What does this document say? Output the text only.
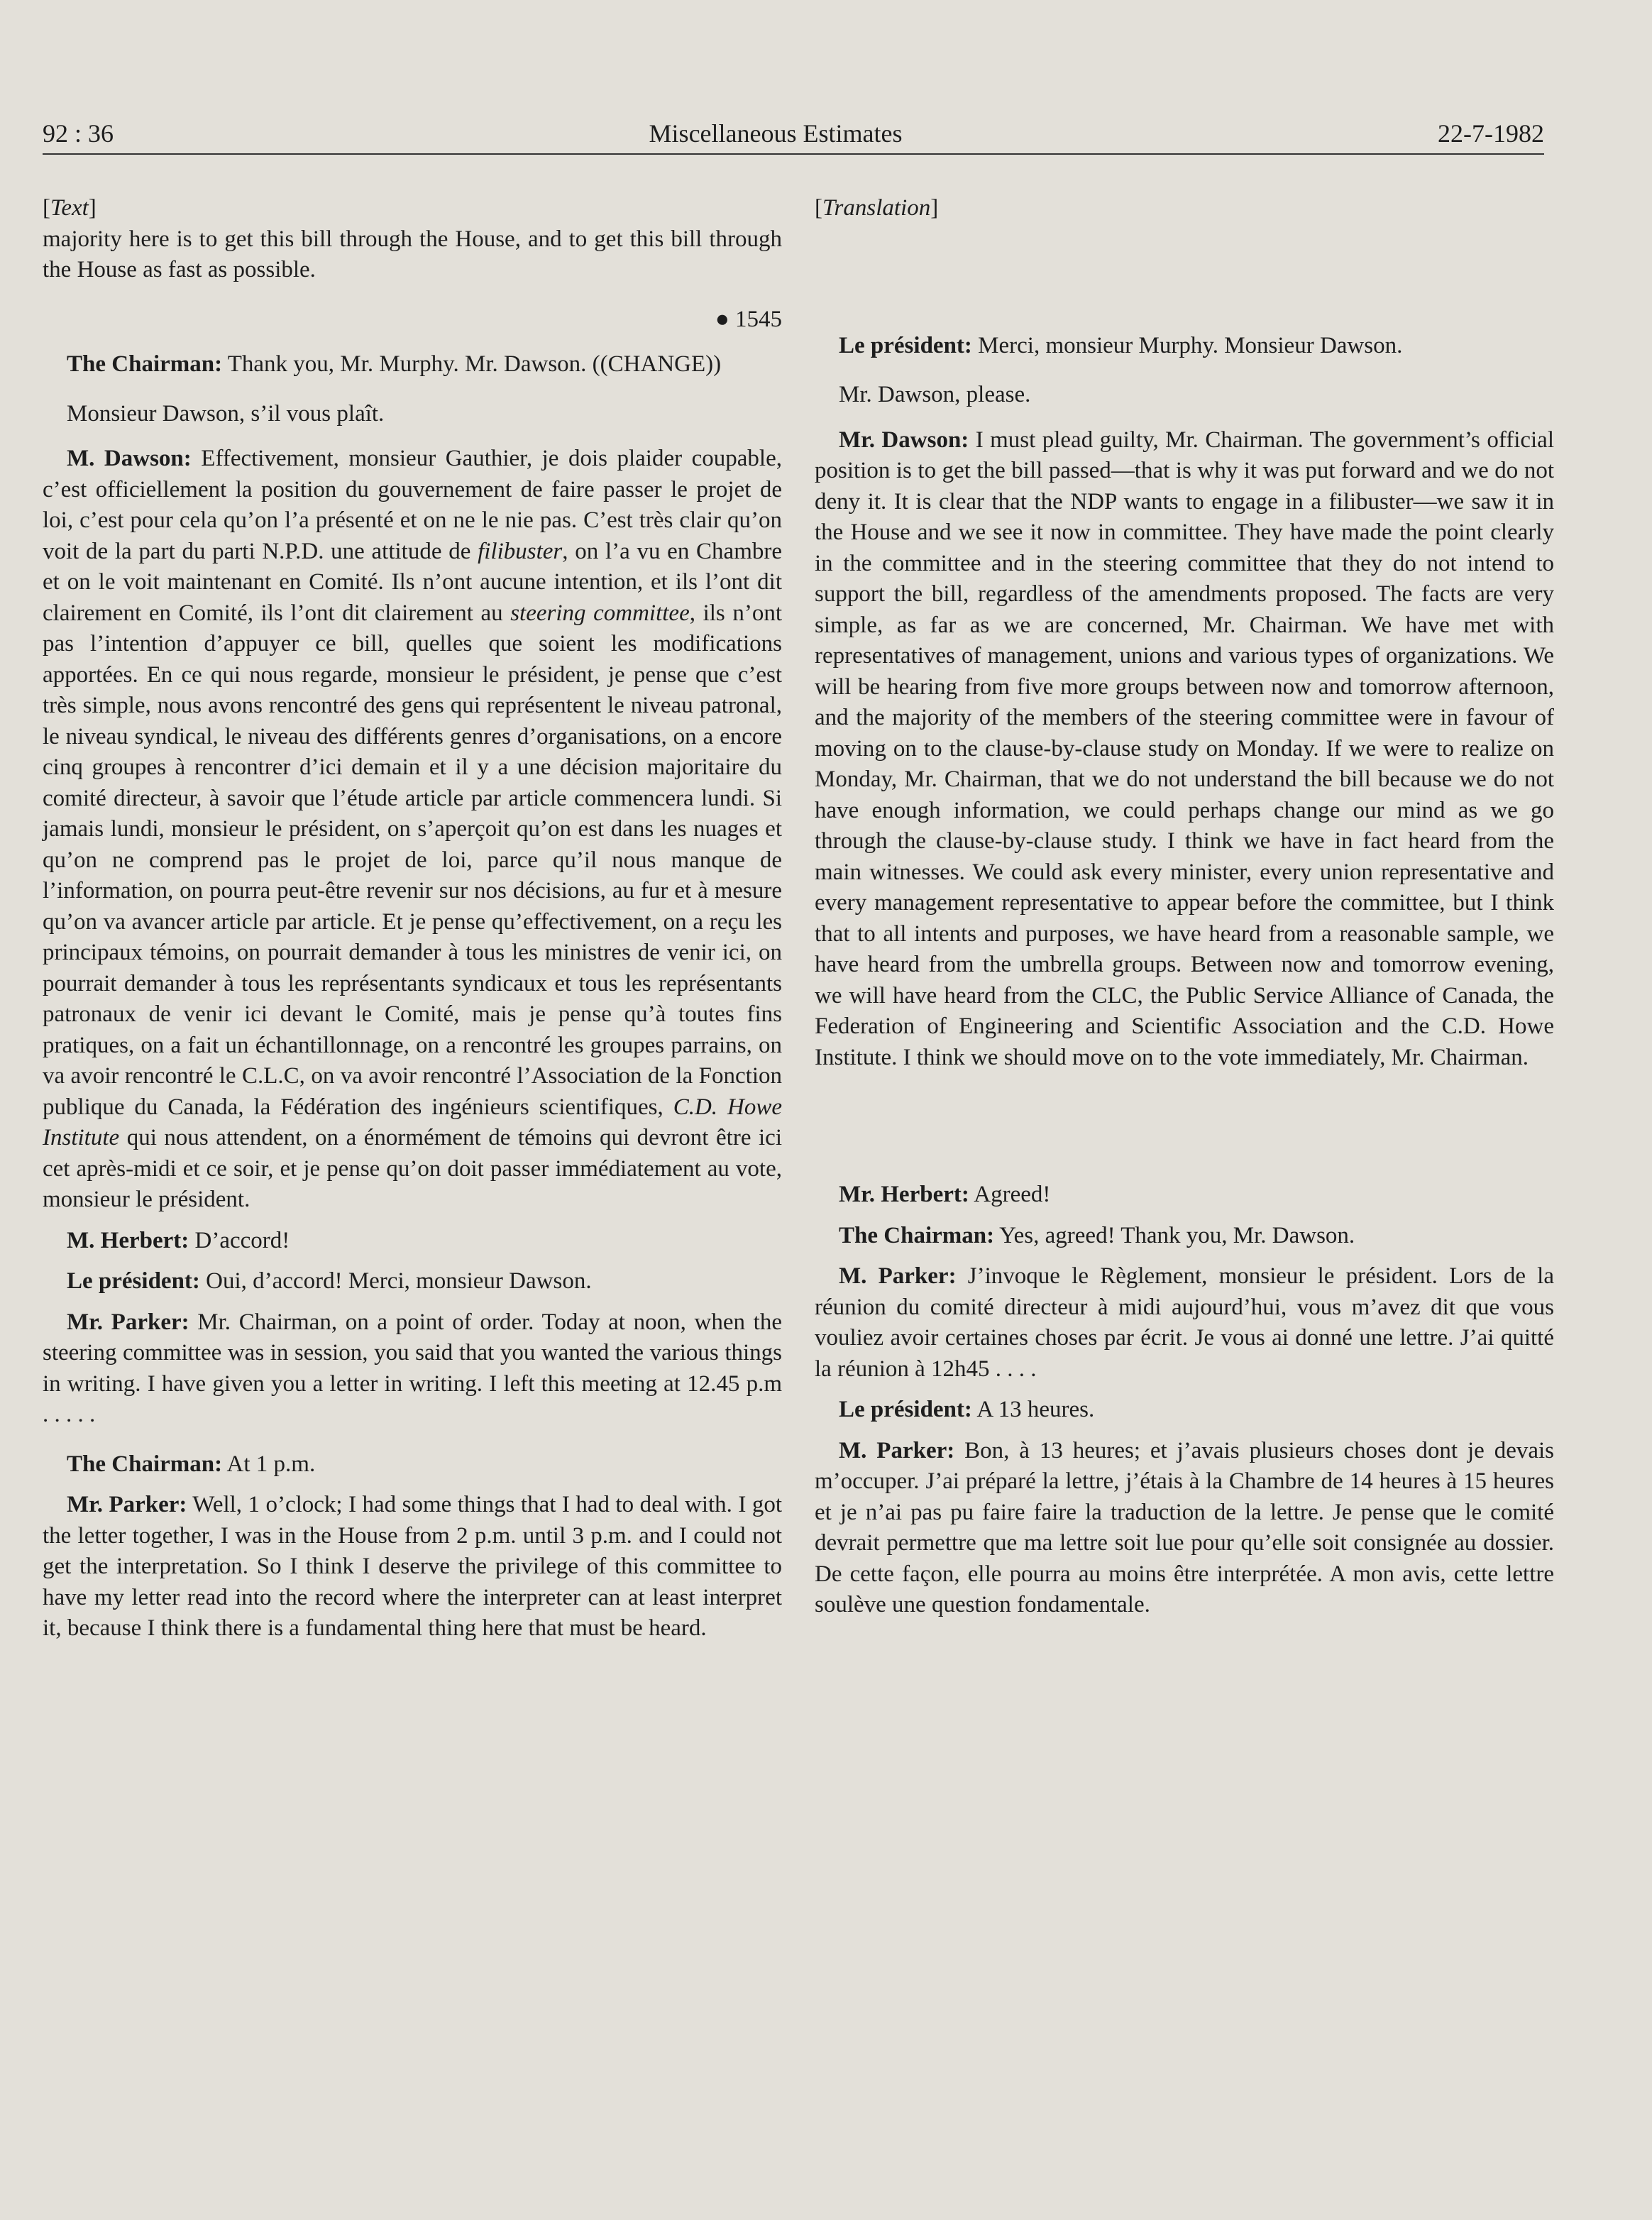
92 : 36	Miscellaneous Estimates	22-7-1982

[Text]

majority here is to get this bill through the House, and to get this bill through the House as fast as possible.

● 1545

The Chairman: Thank you, Mr. Murphy. Mr. Dawson. ((CHANGE))

Monsieur Dawson, s’il vous plaît.

M. Dawson: Effectivement, monsieur Gauthier, je dois plaider coupable, c’est officiellement la position du gouvernement de faire passer le projet de loi, c’est pour cela qu’on l’a présenté et on ne le nie pas. C’est très clair qu’on voit de la part du parti N.P.D. une attitude de filibuster, on l’a vu en Chambre et on le voit maintenant en Comité. Ils n’ont aucune intention, et ils l’ont dit clairement en Comité, ils l’ont dit clairement au steering committee, ils n’ont pas l’intention d’appuyer ce bill, quelles que soient les modifications apportées. En ce qui nous regarde, monsieur le président, je pense que c’est très simple, nous avons rencontré des gens qui représentent le niveau patronal, le niveau syndical, le niveau des différents genres d’organisations, on a encore cinq groupes à rencontrer d’ici demain et il y a une décision majoritaire du comité directeur, à savoir que l’étude article par article commencera lundi. Si jamais lundi, monsieur le président, on s’aperçoit qu’on est dans les nuages et qu’on ne comprend pas le projet de loi, parce qu’il nous manque de l’information, on pourra peut-être revenir sur nos décisions, au fur et à mesure qu’on va avancer article par article. Et je pense qu’effectivement, on a reçu les principaux témoins, on pourrait demander à tous les ministres de venir ici, on pourrait demander à tous les représentants syndicaux et tous les représentants patronaux de venir ici devant le Comité, mais je pense qu’à toutes fins pratiques, on a fait un échantillonnage, on a rencontré les groupes parrains, on va avoir rencontré le C.L.C, on va avoir rencontré l’Association de la Fonction publique du Canada, la Fédération des ingénieurs scientifiques, C.D. Howe Institute qui nous attendent, on a énormément de témoins qui devront être ici cet après-midi et ce soir, et je pense qu’on doit passer immédiatement au vote, monsieur le président.

M. Herbert: D’accord!

Le président: Oui, d’accord! Merci, monsieur Dawson.

Mr. Parker: Mr. Chairman, on a point of order. Today at noon, when the steering committee was in session, you said that you wanted the various things in writing. I have given you a letter in writing. I left this meeting at 12.45 p.m . . . . .

The Chairman: At 1 p.m.

Mr. Parker: Well, 1 o’clock; I had some things that I had to deal with. I got the letter together, I was in the House from 2 p.m. until 3 p.m. and I could not get the interpretation. So I think I deserve the privilege of this committee to have my letter read into the record where the interpreter can at least interpret it, because I think there is a fundamental thing here that must be heard.

[Translation]

Le président: Merci, monsieur Murphy. Monsieur Dawson.

Mr. Dawson, please.

Mr. Dawson: I must plead guilty, Mr. Chairman. The government’s official position is to get the bill passed—that is why it was put forward and we do not deny it. It is clear that the NDP wants to engage in a filibuster—we saw it in the House and we see it now in committee. They have made the point clearly in the committee and in the steering committee that they do not intend to support the bill, regardless of the amendments proposed. The facts are very simple, as far as we are concerned, Mr. Chairman. We have met with representatives of management, unions and various types of organizations. We will be hearing from five more groups between now and tomorrow afternoon, and the majority of the members of the steering committee were in favour of moving on to the clause-by-clause study on Monday. If we were to realize on Monday, Mr. Chairman, that we do not understand the bill because we do not have enough information, we could perhaps change our mind as we go through the clause-by-clause study. I think we have in fact heard from the main witnesses. We could ask every minister, every union representative and every management representative to appear before the committee, but I think that to all intents and purposes, we have heard from a reasonable sample, we have heard from the umbrella groups. Between now and tomorrow evening, we will have heard from the CLC, the Public Service Alliance of Canada, the Federation of Engineering and Scientific Association and the C.D. Howe Institute. I think we should move on to the vote immediately, Mr. Chairman.

Mr. Herbert: Agreed!

The Chairman: Yes, agreed! Thank you, Mr. Dawson.

M. Parker: J’invoque le Règlement, monsieur le président. Lors de la réunion du comité directeur à midi aujourd’hui, vous m’avez dit que vous vouliez avoir certaines choses par écrit. Je vous ai donné une lettre. J’ai quitté la réunion à 12h45 . . . .

Le président: A 13 heures.

M. Parker: Bon, à 13 heures; et j’avais plusieurs choses dont je devais m’occuper. J’ai préparé la lettre, j’étais à la Chambre de 14 heures à 15 heures et je n’ai pas pu faire faire la traduction de la lettre. Je pense que le comité devrait permettre que ma lettre soit lue pour qu’elle soit consignée au dossier. De cette façon, elle pourra au moins être interprétée. A mon avis, cette lettre soulève une question fondamentale.
